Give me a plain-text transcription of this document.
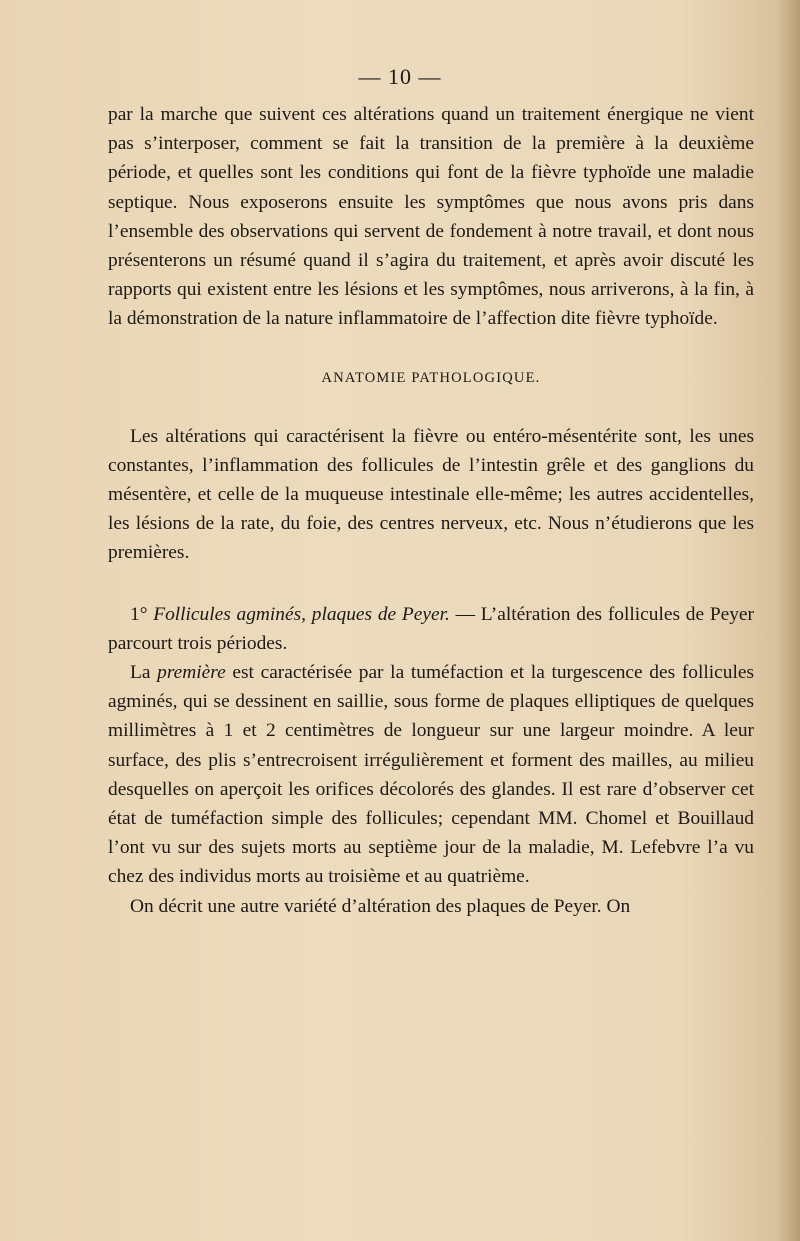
— 10 —

par la marche que suivent ces altérations quand un traitement énergique ne vient pas s’interposer, comment se fait la transition de la première à la deuxième période, et quelles sont les conditions qui font de la fièvre typhoïde une maladie septique. Nous exposerons ensuite les symptômes que nous avons pris dans l’ensemble des observations qui servent de fondement à notre travail, et dont nous présenterons un résumé quand il s’agira du traitement, et après avoir discuté les rapports qui existent entre les lésions et les symptômes, nous arriverons, à la fin, à la démonstration de la nature inflammatoire de l’affection dite fièvre typhoïde.

ANATOMIE PATHOLOGIQUE.

Les altérations qui caractérisent la fièvre ou entéro-mésentérite sont, les unes constantes, l’inflammation des follicules de l’intestin grêle et des ganglions du mésentère, et celle de la muqueuse intestinale elle-même; les autres accidentelles, les lésions de la rate, du foie, des centres nerveux, etc. Nous n’étudierons que les premières.

1° Follicules agminés, plaques de Peyer. — L’altération des follicules de Peyer parcourt trois périodes.

La première est caractérisée par la tuméfaction et la turgescence des follicules agminés, qui se dessinent en saillie, sous forme de plaques elliptiques de quelques millimètres à 1 et 2 centimètres de longueur sur une largeur moindre. A leur surface, des plis s’entrecroisent irrégulièrement et forment des mailles, au milieu desquelles on aperçoit les orifices décolorés des glandes. Il est rare d’observer cet état de tuméfaction simple des follicules; cependant MM. Chomel et Bouillaud l’ont vu sur des sujets morts au septième jour de la maladie, M. Lefebvre l’a vu chez des individus morts au troisième et au quatrième.

On décrit une autre variété d’altération des plaques de Peyer. On
